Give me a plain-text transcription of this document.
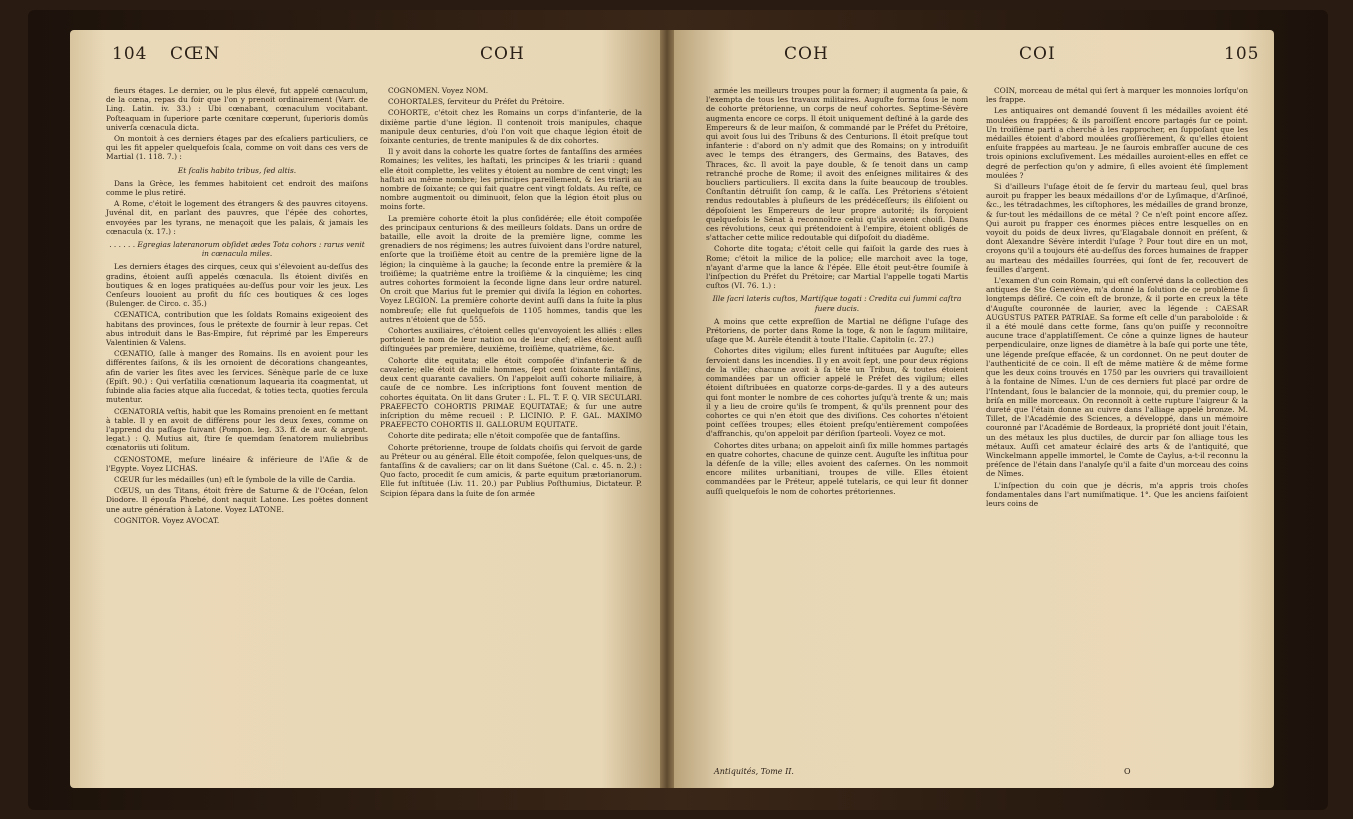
104 CŒN	COH

fieurs étages. Le dernier, ou le plus élevé, fut appelé cœnaculum, de la cœna, repas du foir que l'on y prenoit ordinairement (Varr. de Ling. Latin. iv. 33.) : Ubi cœnabant, cœnaculum vocitabant. Poſteaquam in ſuperiore parte cœnitare cœperunt, ſuperioris domûs univerſa cœnacula dicta.

On montoit à ces derniers étages par des eſcaliers particuliers, ce qui les fit appeler quelquefois ſcala, comme on voit dans ces vers de Martial (1. 118. 7.) :

Et ſcalis habito tribus, ſed altis.

Dans la Grèce, les femmes habitoient cet endroit des maiſons comme le plus retiré.

A Rome, c'étoit le logement des étrangers & des pauvres citoyens. Juvénal dit, en parlant des pauvres, que l'épée des cohortes, envoyées par les tyrans, ne menaçoit que les palais, & jamais les cœnacula (x. 17.) :

. . . . . . Egregias lateranorum obſidet ædes Tota cohors : rarus venit in cœnacula miles.

Les derniers étages des cirques, ceux qui s'élevoient au-deſſus des gradins, étoient auſſi appelés cœnacula. Ils étoient diviſés en boutiques & en loges pratiquées au-deſſus pour voir les jeux. Les Cenſeurs louoient au profit du fiſc ces boutiques & ces loges (Bulenger. de Circo. c. 35.)

CŒNATICA, contribution que les ſoldats Romains exigeoient des habitans des provinces, ſous le prétexte de fournir à leur repas. Cet abus introduit dans le Bas-Empire, fut réprimé par les Empereurs Valentinien & Valens.

CŒNATIO, ſalle à manger des Romains. Ils en avoient pour les différentes ſaiſons, & ils les ornoient de décorations changeantes, afin de varier les ſites avec les ſervices. Sénèque parle de ce luxe (Epiſt. 90.) : Qui verſatilia cœnationum laquearia ita coagmentat, ut ſubinde alia facies atque alia ſuccedat, & toties tecta, quoties fercula mutentur.

CŒNATORIA veſtis, habit que les Romains prenoient en ſe mettant à table. Il y en avoit de différens pour les deux ſexes, comme on l'apprend du paſſage ſuivant (Pompon. leg. 33. ff. de aur. & argent. legat.) : Q. Mutius ait, ſtire ſe quemdam ſenatorem muliebribus cœnatoriis uti ſolitum.

CŒNOSTOME, meſure linéaire & inférieure de l'Aſie & de l'Egypte. Voyez LICHAS.

CŒUR ſur les médailles (un) eſt le ſymbole de la ville de Cardia.

CŒUS, un des Titans, étoit frère de Saturne & de l'Océan, ſelon Diodore. Il épouſa Phœbé, dont naquit Latone. Les poëtes donnent une autre génération à Latone. Voyez LATONE.

COGNITOR. Voyez AVOCAT.

COGNOMEN. Voyez NOM.

COHORTALES, ſerviteur du Préfet du Prétoire.

COHORTE, c'étoit chez les Romains un corps d'infanterie, de la dixième partie d'une légion. Il contenoit trois manipules, chaque manipule deux centuries, d'où l'on voit que chaque légion étoit de ſoixante centuries, de trente manipules & de dix cohortes.

Il y avoit dans la cohorte les quatre ſortes de fantaſſins des armées Romaines; les velites, les haſtati, les principes & les triarii : quand elle étoit complette, les velites y étoient au nombre de cent vingt; les haſtati au même nombre; les principes pareillement, & les triarii au nombre de ſoixante; ce qui fait quatre cent vingt ſoldats. Au reſte, ce nombre augmentoit ou diminuoit, ſelon que la légion étoit plus ou moins forte.

La première cohorte étoit la plus conſidérée; elle étoit compoſée des principaux centurions & des meilleurs ſoldats. Dans un ordre de bataille, elle avoit la droite de la première ligne, comme les grenadiers de nos régimens; les autres ſuivoient dans l'ordre naturel, enſorte que la troiſième étoit au centre de la première ligne de la légion; la cinquième à la gauche; la ſeconde entre la première & la troiſième; la quatrième entre la troiſième & la cinquième; les cinq autres cohortes formoient la ſeconde ligne dans leur ordre naturel. On croit que Marius fut le premier qui diviſa la légion en cohortes. Voyez LEGION. La première cohorte devint auſſi dans la ſuite la plus nombreuſe; elle fut quelquefois de 1105 hommes, tandis que les autres n'étoient que de 555.

Cohortes auxiliaires, c'étoient celles qu'envoyoient les alliés : elles portoient le nom de leur nation ou de leur chef; elles étoient auſſi diſtinguées par première, deuxième, troiſième, quatrième, &c.

Cohorte dite equitata; elle étoit compoſée d'infanterie & de cavalerie; elle étoit de mille hommes, ſept cent ſoixante fantaſſins, deux cent quarante cavaliers. On l'appeloit auſſi cohorte miliaire, à cauſe de ce nombre. Les inſcriptions font ſouvent mention de cohortes équitata. On lit dans Gruter : L. FL. T. F. Q. VIR SECULARI. PRAEFECTO COHORTIS PRIMAE EQUITATAE; & ſur une autre inſcription du même recueil : P. LICINIO. P. F. GAL. MAXIMO PRAEFECTO COHORTIS II. GALLORUM EQUITATE.

Cohorte dite pedirata; elle n'étoit compoſée que de fantaſſins.

Cohorte prétorienne, troupe de ſoldats choiſis qui ſervoit de garde au Préteur ou au général. Elle étoit compoſée, ſelon quelques-uns, de fantaſſins & de cavaliers; car on lit dans Suétone (Cal. c. 45. n. 2.) : Quo facto, procedit ſe cum amicis, & parte equitum prætorianorum. Elle fut inſtituée (Liv. 11. 20.) par Publius Poſthumius, Dictateur. P. Scipion ſépara dans la ſuite de ſon armée

COH	COI	105

armée les meilleurs troupes pour la former; il augmenta ſa paie, & l'exempta de tous les travaux militaires. Auguſte forma ſous le nom de cohorte prétorienne, un corps de neuf cohortes. Septime-Sévère augmenta encore ce corps. Il étoit uniquement deſtiné à la garde des Empereurs & de leur maiſon, & commandé par le Préfet du Prétoire, qui avoit ſous lui des Tribuns & des Centurions. Il étoit preſque tout infanterie : d'abord on n'y admit que des Romains; on y introduiſit avec le temps des étrangers, des Germains, des Bataves, des Thraces, &c. Il avoit la paye double, & ſe tenoit dans un camp retranché proche de Rome; il avoit des enſeignes militaires & des boucliers particuliers. Il excita dans la ſuite beaucoup de troubles. Conſtantin détruiſit ſon camp, & le caſſa. Les Prétoriens s'étoient rendus redoutables à pluſieurs de les prédéceſſeurs; ils éliſoient ou dépoſoient les Empereurs de leur propre autorité; ils forçoient quelquefois le Sénat à reconnoître celui qu'ils avoient choiſi. Dans ces révolutions, ceux qui prétendoient à l'empire, étoient obligés de s'attacher cette milice redoutable qui diſpoſoit du diadême.

Cohorte dite togata; c'étoit celle qui faiſoit la garde des rues à Rome; c'étoit la milice de la police; elle marchoit avec la toge, n'ayant d'arme que la lance & l'épée. Elle étoit peut-être ſoumiſe à l'inſpection du Préfet du Prétoire; car Martial l'appelle togati Martis cuſtos (VI. 76. 1.) :

Ille ſacri lateris cuſtos, Martiſque togati : Credita cui ſummi caſtra fuere ducis.

A moins que cette expreſſion de Martial ne déſigne l'uſage des Prétoriens, de porter dans Rome la toge, & non le ſagum militaire, uſage que M. Aurèle étendit à toute l'Italie. Capitolin (c. 27.)

Cohortes dites vigilum; elles furent inſtituées par Auguſte; elles ſervoient dans les incendies. Il y en avoit ſept, une pour deux régions de la ville; chacune avoit à ſa tête un Tribun, & toutes étoient commandées par un officier appelé le Préfet des vigilum; elles étoient diſtribuées en quatorze corps-de-gardes. Il y a des auteurs qui font monter le nombre de ces cohortes juſqu'à trente & un; mais il y a lieu de croire qu'ils ſe trompent, & qu'ils prennent pour des cohortes ce qui n'en étoit que des diviſions. Ces cohortes n'étoient point ceſſées troupes; elles étoient preſqu'entièrement compoſées d'affranchis, qu'on appeloit par dériſion ſparteoli. Voyez ce mot.

Cohortes dites urbana; on appeloit ainſi ſix mille hommes partagés en quatre cohortes, chacune de quinze cent. Auguſte les inſtitua pour la défenſe de la ville; elles avoient des caſernes. On les nommoit encore milites urbanitiani, troupes de ville. Elles étoient commandées par le Préteur, appelé tutelaris, ce qui leur fit donner auſſi quelquefois le nom de cohortes prétoriennes.

COIN, morceau de métal qui ſert à marquer les monnoies lorſqu'on les frappe.

Les antiquaires ont demandé ſouvent ſi les médailles avoient été moulées ou frappées; & ils paroiſſent encore partagés ſur ce point. Un troiſième parti a cherché à les rapprocher, en ſuppoſant que les médailles étoient d'abord moulées groſſièrement, & qu'elles étoient enſuite frappées au marteau. Je ne ſaurois embraſſer aucune de ces trois opinions excluſivement. Les médailles auroient-elles en effet ce degré de perfection qu'on y admire, ſi elles avoient été ſimplement moulées ?

Si d'ailleurs l'uſage étoit de ſe ſervir du marteau ſeul, quel bras auroit pu frapper les beaux médaillons d'or de Lyſimaque, d'Arſinoé, &c., les tétradachmes, les ciſtophores, les médailles de grand bronze, & ſur-tout les médaillons de ce métal ? Ce n'eſt point encore aſſez. Qui auroit pu frapper ces énormes pièces entre lesquelles on en voyoit du poids de deux livres, qu'Elagabale donnoit en préſent, & dont Alexandre Sévère interdit l'uſage ? Pour tout dire en un mot, croyons qu'il a toujours été au-deſſus des forces humaines de frapper au marteau des médailles ſourrées, qui ſont de fer, recouvert de feuilles d'argent.

L'examen d'un coin Romain, qui eſt conſervé dans la collection des antiques de Ste Geneviève, m'a donné la ſolution de ce problème ſi longtemps déſiré. Ce coin eſt de bronze, & il porte en creux la tête d'Auguſte couronnée de laurier, avec la légende : CAESAR AUGUSTUS PATER PATRIAE. Sa forme eſt celle d'un paraboloïde : & il a été moulé dans cette forme, ſans qu'on puiſſe y reconnoître aucune trace d'applatiſſement. Ce cône a quinze lignes de hauteur perpendiculaire, onze lignes de diamètre à la baſe qui porte une tête, une légende preſque effacée, & un cordonnet. On ne peut douter de l'authenticité de ce coin. Il eſt de même matière & de même forme que les deux coins trouvés en 1750 par les ouvriers qui travailloient à la fontaine de Nîmes. L'un de ces derniers fut placé par ordre de l'Intendant, ſous le balancier de la monnoie, qui, du premier coup, le briſa en mille morceaux. On reconnoît à cette rupture l'aigreur & la dureté que l'étain donne au cuivre dans l'alliage appelé bronze. M. Tillet, de l'Académie des Sciences, a développé, dans un mémoire couronné par l'Académie de Bordeaux, la propriété dont jouit l'étain, un des métaux les plus ductiles, de durcir par ſon alliage tous les métaux. Auſſi cet amateur éclairé des arts & de l'antiquité, que Winckelmann appelle immortel, le Comte de Caylus, a-t-il reconnu la préſence de l'étain dans l'analyſe qu'il a faite d'un morceau des coins de Nîmes.

L'inſpection du coin que je décris, m'a appris trois choſes fondamentales dans l'art numiſmatique. 1°. Que les anciens faiſoient leurs coins de

Antiquités, Tome II.	O
